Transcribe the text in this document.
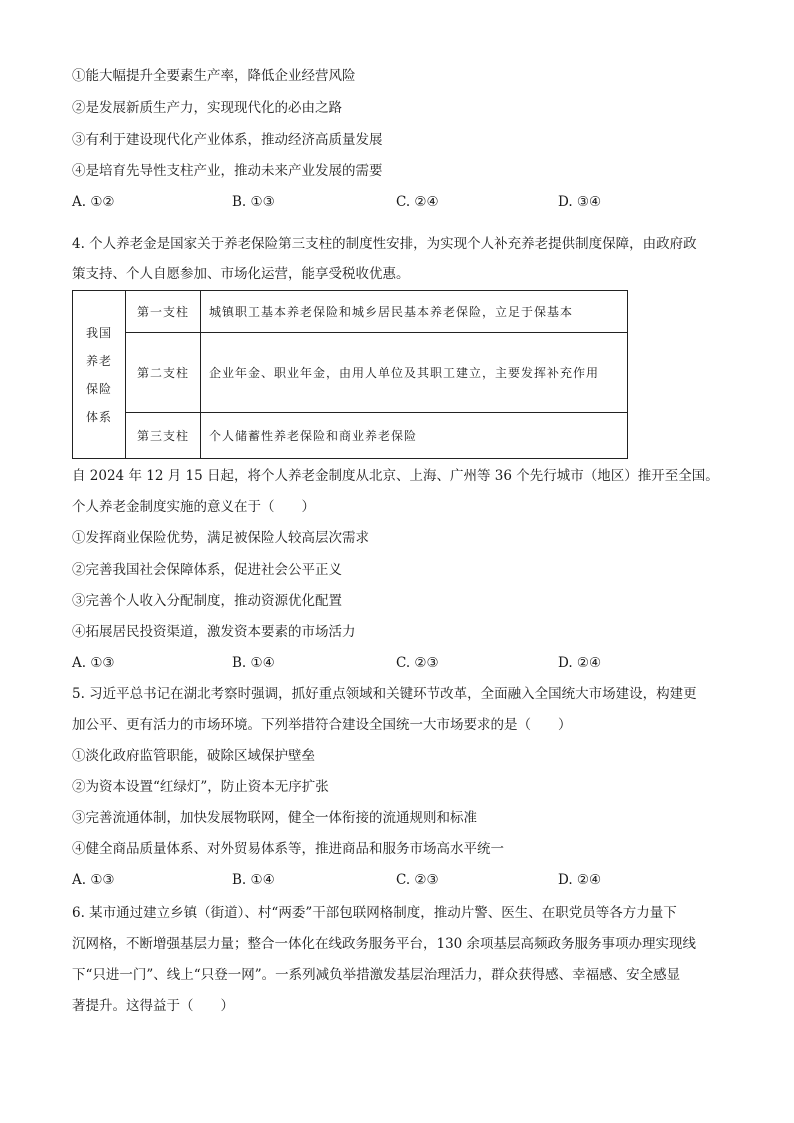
①能大幅提升全要素生产率，降低企业经营风险
②是发展新质生产力，实现现代化的必由之路
③有利于建设现代化产业体系，推动经济高质量发展
④是培育先导性支柱产业，推动未来产业发展的需要
A. ①②	B. ①③	C. ②④	D. ③④
4. 个人养老金是国家关于养老保险第三支柱的制度性安排，为实现个人补充养老提供制度保障，由政府政
策支持、个人自愿参加、市场化运营，能享受税收优惠。
我国
养老
保险
体系	第一支柱	城镇职工基本养老保险和城乡居民基本养老保险，立足于保基本
	第二支柱	企业年金、职业年金，由用人单位及其职工建立，主要发挥补充作用
	第三支柱	个人储蓄性养老保险和商业养老保险
自 2024 年 12 月 15 日起，将个人养老金制度从北京、上海、广州等 36 个先行城市（地区）推开至全国。
个人养老金制度实施的意义在于（　　）
①发挥商业保险优势，满足被保险人较高层次需求
②完善我国社会保障体系，促进社会公平正义
③完善个人收入分配制度，推动资源优化配置
④拓展居民投资渠道，激发资本要素的市场活力
A. ①③	B. ①④	C. ②③	D. ②④
5. 习近平总书记在湖北考察时强调，抓好重点领域和关键环节改革，全面融入全国统大市场建设，构建更
加公平、更有活力的市场环境。下列举措符合建设全国统一大市场要求的是（　　）
①淡化政府监管职能，破除区域保护壁垒
②为资本设置“红绿灯”，防止资本无序扩张
③完善流通体制，加快发展物联网，健全一体衔接的流通规则和标准
④健全商品质量体系、对外贸易体系等，推进商品和服务市场高水平统一
A. ①③	B. ①④	C. ②③	D. ②④
6. 某市通过建立乡镇（街道）、村“两委”干部包联网格制度，推动片警、医生、在职党员等各方力量下
沉网格，不断增强基层力量；整合一体化在线政务服务平台，130 余项基层高频政务服务事项办理实现线
下“只进一门”、线上“只登一网”。一系列减负举措激发基层治理活力，群众获得感、幸福感、安全感显
著提升。这得益于（　　）
